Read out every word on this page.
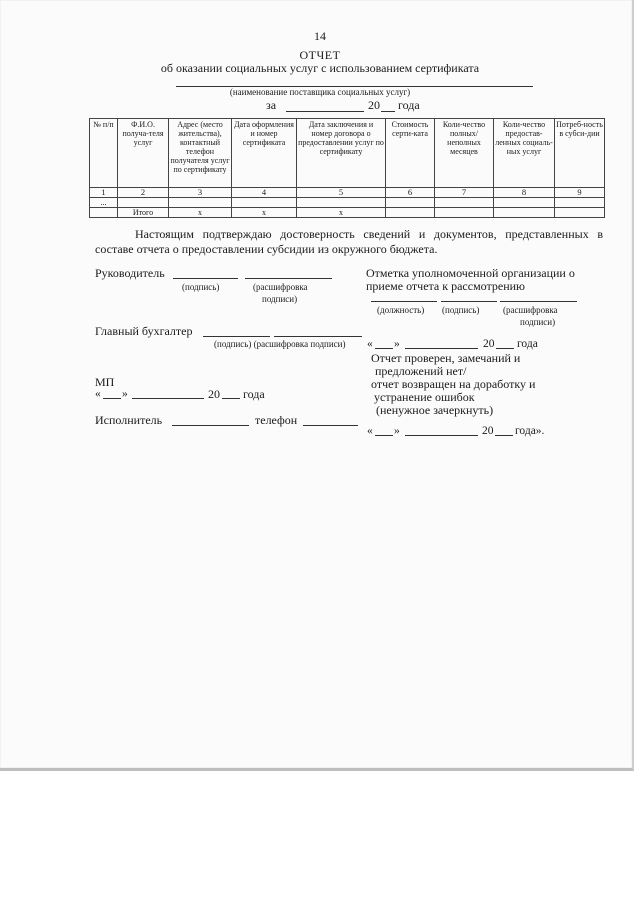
14
ОТЧЕТ
об оказании социальных услуг с использованием сертификата
(наименование поставщика социальных услуг)
за	20 года
№ п/п	Ф.И.О. получа-теля услуг	Адрес (место жительства), контактный телефон получателя услуг по сертификату	Дата оформления и номер сертификата	Дата заключения и номер договора о предоставлении услуг по сертификату	Стоимость серти-ката	Коли-чество полных/ неполных месяцев	Коли-чество предостав-ленных социаль-ных услуг	Потреб-ность в субси-дии
1	2	3	4	5	6	7	8	9
...								
	Итого	x	x	x				
Настоящим подтверждаю достоверность сведений и документов, представленных в
составе отчета о предоставлении субсидии из окружного бюджета.
Руководитель
(подпись)	(расшифровка
подписи)
Отметка уполномоченной организации о
приеме отчета к рассмотрению
(должность) (подпись)	(расшифровка
подписи)
Главный бухгалтер
(подпись) (расшифровка подписи) « »	20 года
Отчет проверен, замечаний и
предложений нет/
отчет возвращен на доработку и
устранение ошибок
(ненужное зачеркнуть)
МП
« »	20 года
Исполнитель	телефон
« »	20 года».
